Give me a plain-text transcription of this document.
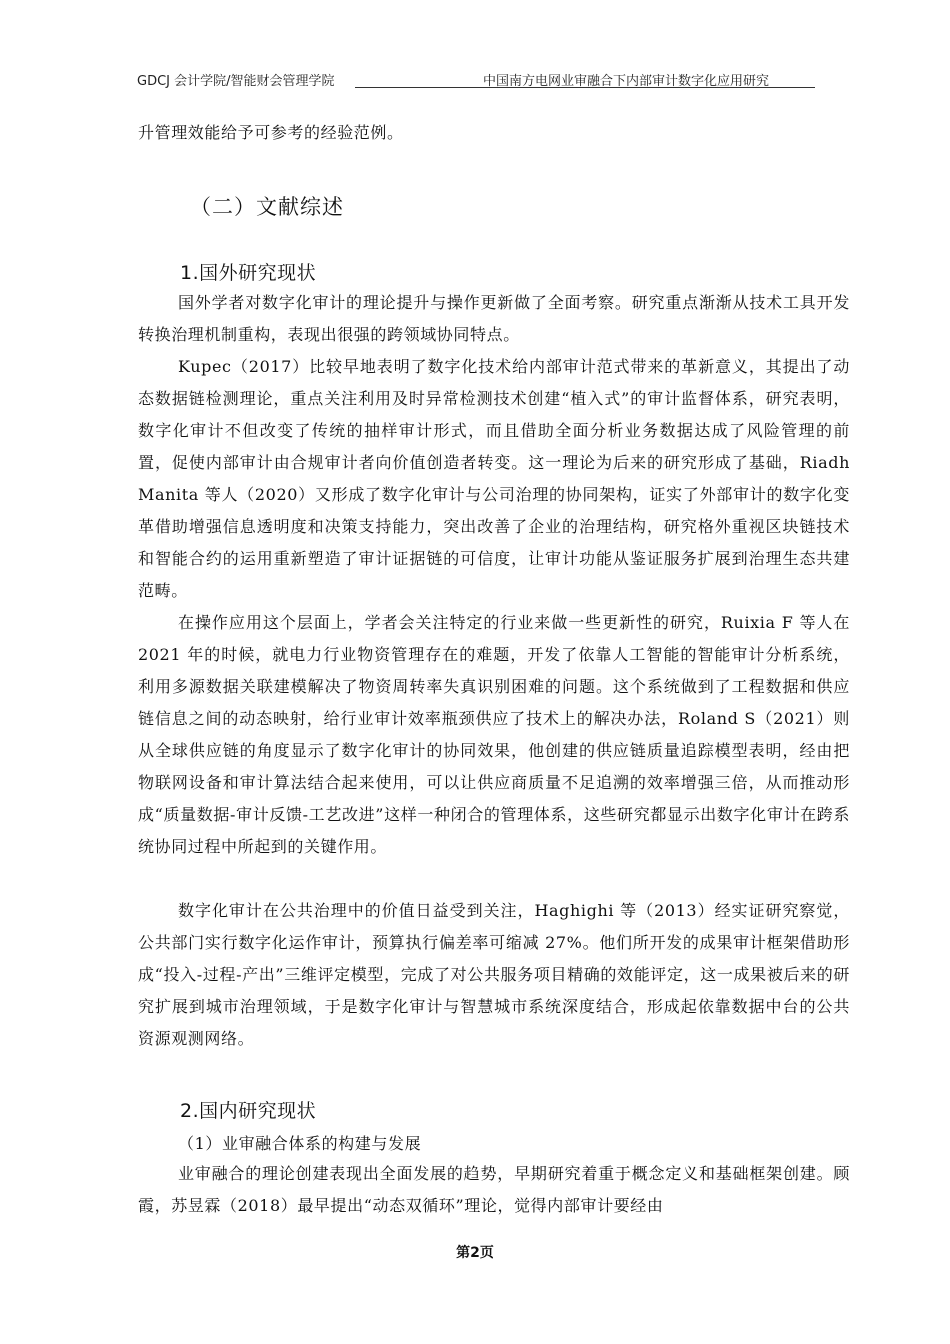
GDCJ 会计学院/智能财会管理学院	中国南方电网业审融合下内部审计数字化应用研究

升管理效能给予可参考的经验范例。

（二）文献综述
1.国外研究现状

国外学者对数字化审计的理论提升与操作更新做了全面考察。研究重点渐渐从技术工具开发转换治理机制重构，表现出很强的跨领域协同特点。

Kupec（2017）比较早地表明了数字化技术给内部审计范式带来的革新意义，其提出了动态数据链检测理论，重点关注利用及时异常检测技术创建“植入式”的审计监督体系，研究表明，数字化审计不但改变了传统的抽样审计形式，而且借助全面分析业务数据达成了风险管理的前置，促使内部审计由合规审计者向价值创造者转变。这一理论为后来的研究形成了基础，Riadh Manita 等人（2020）又形成了数字化审计与公司治理的协同架构，证实了外部审计的数字化变革借助增强信息透明度和决策支持能力，突出改善了企业的治理结构，研究格外重视区块链技术和智能合约的运用重新塑造了审计证据链的可信度，让审计功能从鉴证服务扩展到治理生态共建范畴。

在操作应用这个层面上，学者会关注特定的行业来做一些更新性的研究，Ruixia F 等人在 2021 年的时候，就电力行业物资管理存在的难题，开发了依靠人工智能的智能审计分析系统，利用多源数据关联建模解决了物资周转率失真识别困难的问题。这个系统做到了工程数据和供应链信息之间的动态映射，给行业审计效率瓶颈供应了技术上的解决办法，Roland S（2021）则从全球供应链的角度显示了数字化审计的协同效果，他创建的供应链质量追踪模型表明，经由把物联网设备和审计算法结合起来使用，可以让供应商质量不足追溯的效率增强三倍，从而推动形成“质量数据-审计反馈-工艺改进”这样一种闭合的管理体系，这些研究都显示出数字化审计在跨系统协同过程中所起到的关键作用。

数字化审计在公共治理中的价值日益受到关注，Haghighi 等（2013）经实证研究察觉，公共部门实行数字化运作审计，预算执行偏差率可缩减 27%。他们所开发的成果审计框架借助形成“投入-过程-产出”三维评定模型，完成了对公共服务项目精确的效能评定，这一成果被后来的研究扩展到城市治理领域，于是数字化审计与智慧城市系统深度结合，形成起依靠数据中台的公共资源观测网络。

2.国内研究现状

（1）业审融合体系的构建与发展

业审融合的理论创建表现出全面发展的趋势，早期研究着重于概念定义和基础框架创建。顾霞，苏昱霖（2018）最早提出“动态双循环”理论，觉得内部审计要经由

第2页
